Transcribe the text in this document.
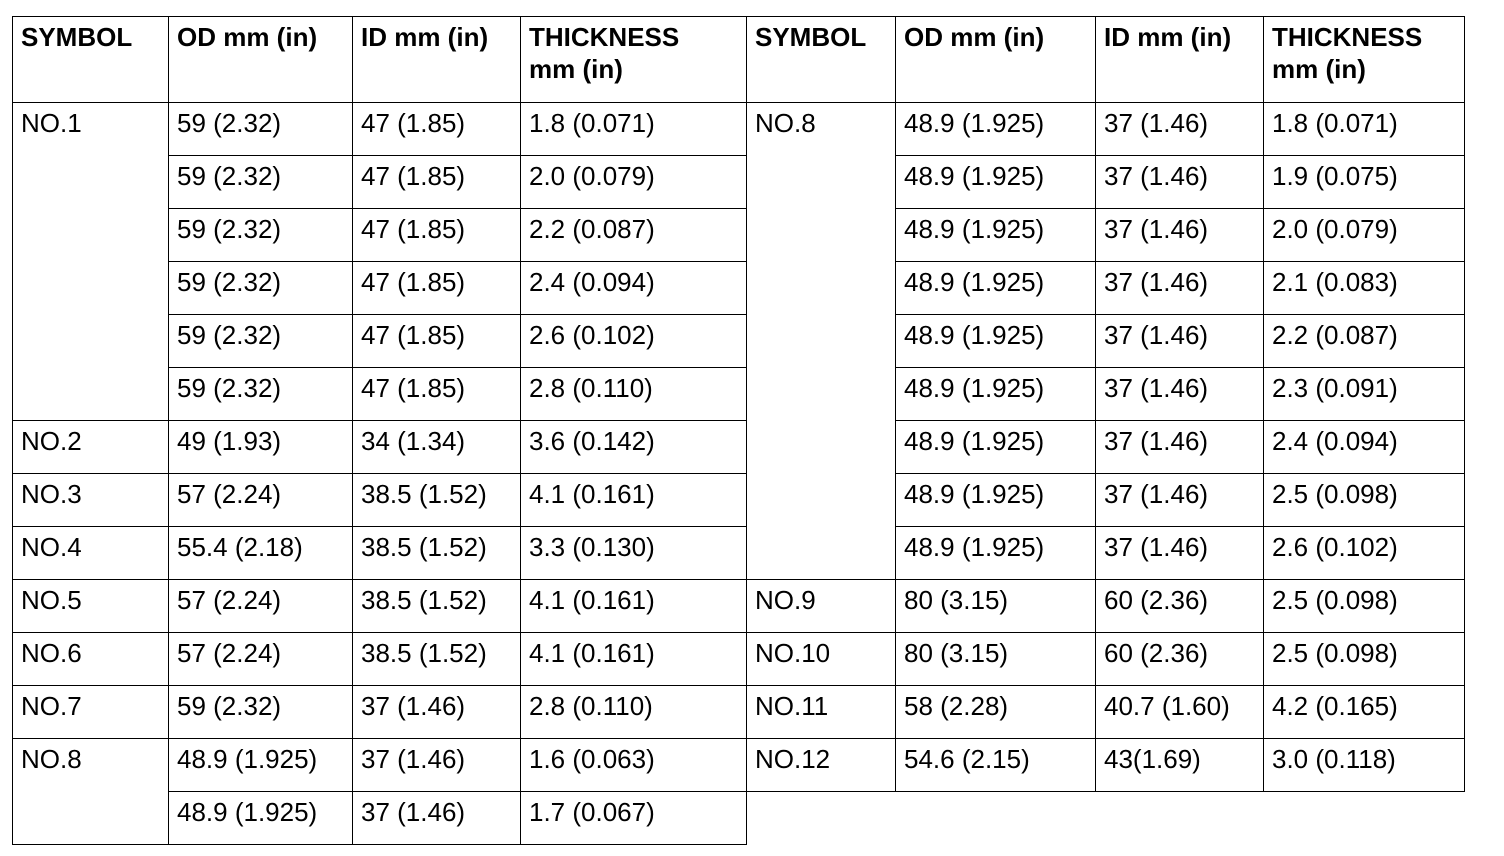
SYMBOL	OD mm (in)	ID mm (in)	THICKNESS
mm (in)	SYMBOL	OD mm (in)	ID mm (in)	THICKNESS
mm (in)
NO.1	59 (2.32)	47 (1.85)	1.8 (0.071)	NO.8	48.9 (1.925)	37 (1.46)	1.8 (0.071)
	59 (2.32)	47 (1.85)	2.0 (0.079)		48.9 (1.925)	37 (1.46)	1.9 (0.075)
	59 (2.32)	47 (1.85)	2.2 (0.087)		48.9 (1.925)	37 (1.46)	2.0 (0.079)
	59 (2.32)	47 (1.85)	2.4 (0.094)		48.9 (1.925)	37 (1.46)	2.1 (0.083)
	59 (2.32)	47 (1.85)	2.6 (0.102)		48.9 (1.925)	37 (1.46)	2.2 (0.087)
	59 (2.32)	47 (1.85)	2.8 (0.110)		48.9 (1.925)	37 (1.46)	2.3 (0.091)
NO.2	49 (1.93)	34 (1.34)	3.6 (0.142)		48.9 (1.925)	37 (1.46)	2.4 (0.094)
NO.3	57 (2.24)	38.5 (1.52)	4.1 (0.161)		48.9 (1.925)	37 (1.46)	2.5 (0.098)
NO.4	55.4 (2.18)	38.5 (1.52)	3.3 (0.130)		48.9 (1.925)	37 (1.46)	2.6 (0.102)
NO.5	57 (2.24)	38.5 (1.52)	4.1 (0.161)	NO.9	80 (3.15)	60 (2.36)	2.5 (0.098)
NO.6	57 (2.24)	38.5 (1.52)	4.1 (0.161)	NO.10	80 (3.15)	60 (2.36)	2.5 (0.098)
NO.7	59 (2.32)	37 (1.46)	2.8 (0.110)	NO.11	58 (2.28)	40.7 (1.60)	4.2 (0.165)
NO.8	48.9 (1.925)	37 (1.46)	1.6 (0.063)	NO.12	54.6 (2.15)	43(1.69)	3.0 (0.118)
	48.9 (1.925)	37 (1.46)	1.7 (0.067)				
